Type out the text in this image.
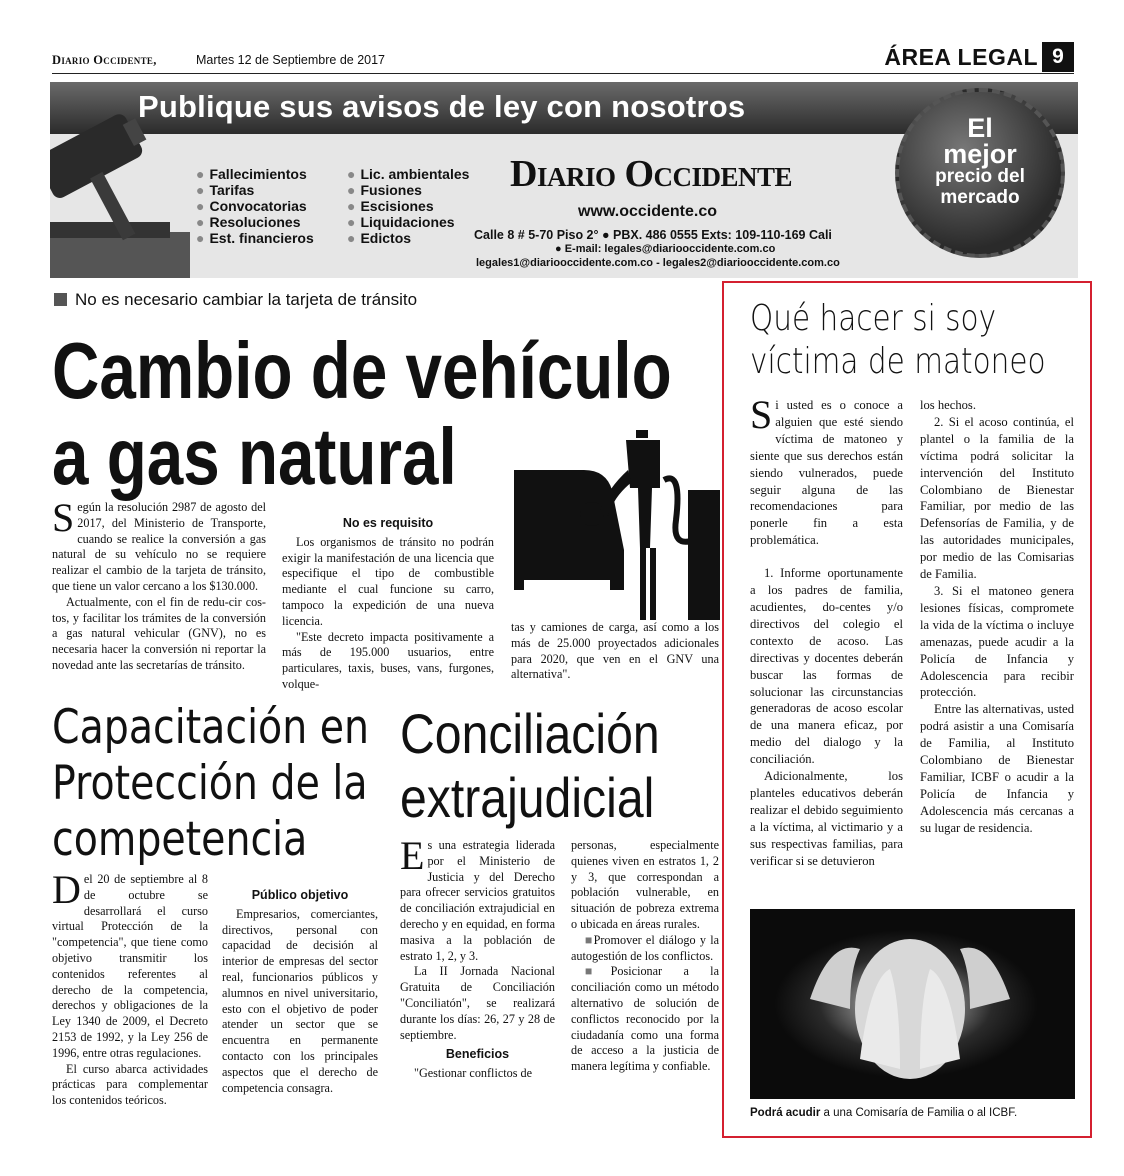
Diario Occidente,	Martes 12 de Septiembre de 2017	ÁREA LEGAL 9
Publique sus avisos de ley con nosotros
● Fallecimientos
● Tarifas
● Convocatorias
● Resoluciones
● Est. financieros
● Lic. ambientales
● Fusiones
● Escisiones
● Liquidaciones
● Edictos
Diario Occidente
www.occidente.co
Calle 8 # 5-70 Piso 2° ● PBX. 486 0555 Exts: 109-110-169 Cali
● E-mail: legales@diariooccidente.com.co
legales1@diariooccidente.com.co - legales2@diariooccidente.com.co
El
mejor
precio del
mercado
No es necesario cambiar la tarjeta de tránsito
Cambio de vehículo
a gas natural

Según la resolución 2987 de agosto del 2017, del Ministerio de Transporte, cuando se realice la conversión a gas natural de su vehículo no se requiere realizar el cambio de la tarjeta de tránsito, que tiene un valor cercano a los $130.000.

Actualmente, con el fin de redu-cir cos-tos, y facilitar los trámites de la conversión a gas natural vehicular (GNV), no es necesaria hacer la conversión ni reportar la novedad ante las secretarías de tránsito.

No es requisito

Los organismos de tránsito no podrán exigir la manifestación de una licencia que especifique el tipo de combustible mediante el cual funcione su carro, tampoco la expedición de una nueva licencia.

"Este decreto impacta positivamente a más de 195.000 usuarios, entre particulares, taxis, buses, vans, furgones, volque-

tas y camiones de carga, así como a los más de 25.000 proyectados adicionales para 2020, que ven en el GNV una alternativa".

Capacitación en
Protección de la
competencia

Del 20 de septiembre al 8 de octubre se desarrollará el curso virtual Protección de la "competencia", que tiene como objetivo transmitir los contenidos referentes al derecho de la competencia, derechos y obligaciones de la Ley 1340 de 2009, el Decreto 2153 de 1992, y la Ley 256 de 1996, entre otras regulaciones.

El curso abarca actividades prácticas para complementar los contenidos teóricos.

Público objetivo

Empresarios, comerciantes, directivos, personal con capacidad de decisión al interior de empresas del sector real, funcionarios públicos y alumnos en nivel universitario, esto con el objetivo de poder atender un sector que se encuentra en permanente contacto con los principales aspectos que el derecho de competencia consagra.

Conciliación
extrajudicial

Es una estrategia liderada por el Ministerio de Justicia y del Derecho para ofrecer servicios gratuitos de conciliación extrajudicial en derecho y en equidad, en forma masiva a la población de estrato 1, 2, y 3.

La II Jornada Nacional Gratuita de Conciliación "Conciliatón", se realizará durante los días: 26, 27 y 28 de septiembre.

Beneficios

"Gestionar conflictos de

personas, especialmente quienes viven en estratos 1, 2 y 3, que correspondan a población vulnerable, en situación de pobreza extrema o ubicada en áreas rurales.

■ Promover el diálogo y la autogestión de los conflictos.

■ Posicionar a la conciliación como un método alternativo de solución de conflictos reconocido por la ciudadanía como una forma de acceso a la justicia de manera legítima y confiable.

Qué hacer si soy
víctima de matoneo

Si usted es o conoce a alguien que esté siendo víctima de matoneo y siente que sus derechos están siendo vulnerados, puede seguir alguna de las recomendaciones para ponerle fin a esta problemática.

1. Informe oportunamente a los padres de familia, acudientes, do-centes y/o directivos del colegio el contexto de acoso. Las directivas y docentes deberán buscar las formas de solucionar las circunstancias generadoras de acoso escolar de una manera eficaz, por medio del dialogo y la conciliación.

Adicionalmente, los planteles educativos deberán realizar el debido seguimiento a la víctima, al victimario y a sus respectivas familias, para verificar si se detuvieron

los hechos.

2. Si el acoso continúa, el plantel o la familia de la víctima podrá solicitar la intervención del Instituto Colombiano de Bienestar Familiar, por medio de las Defensorías de Familia, y de las autoridades municipales, por medio de las Comisarias de Familia.

3. Si el matoneo genera lesiones físicas, compromete la vida de la víctima o incluye amenazas, puede acudir a la Policía de Infancia y Adolescencia para recibir protección.

Entre las alternativas, usted podrá asistir a una Comisaría de Familia, al Instituto Colombiano de Bienestar Familiar, ICBF o acudir a la Policía de Infancia y Adolescencia más cercanas a su lugar de residencia.

Podrá acudir a una Comisaría de Familia o al ICBF.
